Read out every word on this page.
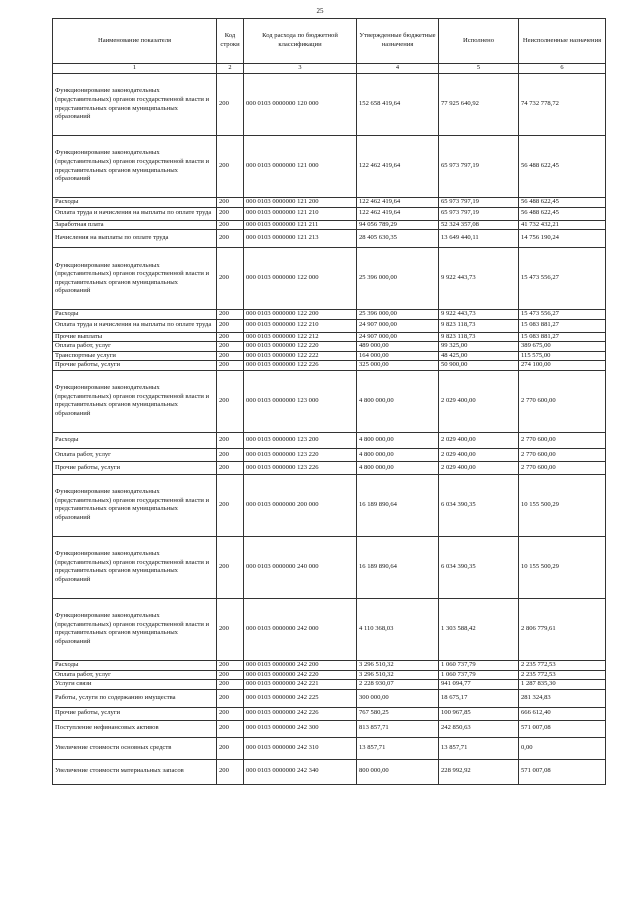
25
Наименование показателя	Код строки	Код расхода по бюджетной классификации	Утвержденные бюджетные назначения	Исполнено	Неисполненные назначения
1	2	3	4	5	6
Функционирование законодательных (представительных) органов государственной власти и представительных органов муниципальных образований	200	000 0103 0000000 120 000	152 658 419,64	77 925 640,92	74 732 778,72
Функционирование законодательных (представительных) органов государственной власти и представительных органов муниципальных образований	200	000 0103 0000000 121 000	122 462 419,64	65 973 797,19	56 488 622,45
Расходы	200	000 0103 0000000 121 200	122 462 419,64	65 973 797,19	56 488 622,45
Оплата труда и начисления на выплаты по оплате труда	200	000 0103 0000000 121 210	122 462 419,64	65 973 797,19	56 488 622,45
Заработная плата	200	000 0103 0000000 121 211	94 056 789,29	52 324 357,08	41 732 432,21
Начисления на выплаты по оплате труда	200	000 0103 0000000 121 213	28 405 630,35	13 649 440,11	14 756 190,24
Функционирование законодательных (представительных) органов государственной власти и представительных органов муниципальных образований	200	000 0103 0000000 122 000	25 396 000,00	9 922 443,73	15 473 556,27
Расходы	200	000 0103 0000000 122 200	25 396 000,00	9 922 443,73	15 473 556,27
Оплата труда и начисления на выплаты по оплате труда	200	000 0103 0000000 122 210	24 907 000,00	9 823 118,73	15 083 881,27
Прочие выплаты	200	000 0103 0000000 122 212	24 907 000,00	9 823 118,73	15 083 881,27
Оплата работ, услуг	200	000 0103 0000000 122 220	489 000,00	99 325,00	389 675,00
Транспортные услуги	200	000 0103 0000000 122 222	164 000,00	48 425,00	115 575,00
Прочие работы, услуги	200	000 0103 0000000 122 226	325 000,00	50 900,00	274 100,00
Функционирование законодательных (представительных) органов государственной власти и представительных органов муниципальных образований	200	000 0103 0000000 123 000	4 800 000,00	2 029 400,00	2 770 600,00
Расходы	200	000 0103 0000000 123 200	4 800 000,00	2 029 400,00	2 770 600,00
Оплата работ, услуг	200	000 0103 0000000 123 220	4 800 000,00	2 029 400,00	2 770 600,00
Прочие работы, услуги	200	000 0103 0000000 123 226	4 800 000,00	2 029 400,00	2 770 600,00
Функционирование законодательных (представительных) органов государственной власти и представительных органов муниципальных образований	200	000 0103 0000000 200 000	16 189 890,64	6 034 390,35	10 155 500,29
Функционирование законодательных (представительных) органов государственной власти и представительных органов муниципальных образований	200	000 0103 0000000 240 000	16 189 890,64	6 034 390,35	10 155 500,29
Функционирование законодательных (представительных) органов государственной власти и представительных органов муниципальных образований	200	000 0103 0000000 242 000	4 110 368,03	1 303 588,42	2 806 779,61
Расходы	200	000 0103 0000000 242 200	3 296 510,32	1 060 737,79	2 235 772,53
Оплата работ, услуг	200	000 0103 0000000 242 220	3 296 510,32	1 060 737,79	2 235 772,53
Услуги связи	200	000 0103 0000000 242 221	2 228 930,07	941 094,77	1 287 835,30
Работы, услуги по содержанию имущества	200	000 0103 0000000 242 225	300 000,00	18 675,17	281 324,83
Прочие работы, услуги	200	000 0103 0000000 242 226	767 580,25	100 967,85	666 612,40
Поступление нефинансовых активов	200	000 0103 0000000 242 300	813 857,71	242 850,63	571 007,08
Увеличение стоимости основных средств	200	000 0103 0000000 242 310	13 857,71	13 857,71	0,00
Увеличение стоимости материальных запасов	200	000 0103 0000000 242 340	800 000,00	228 992,92	571 007,08
